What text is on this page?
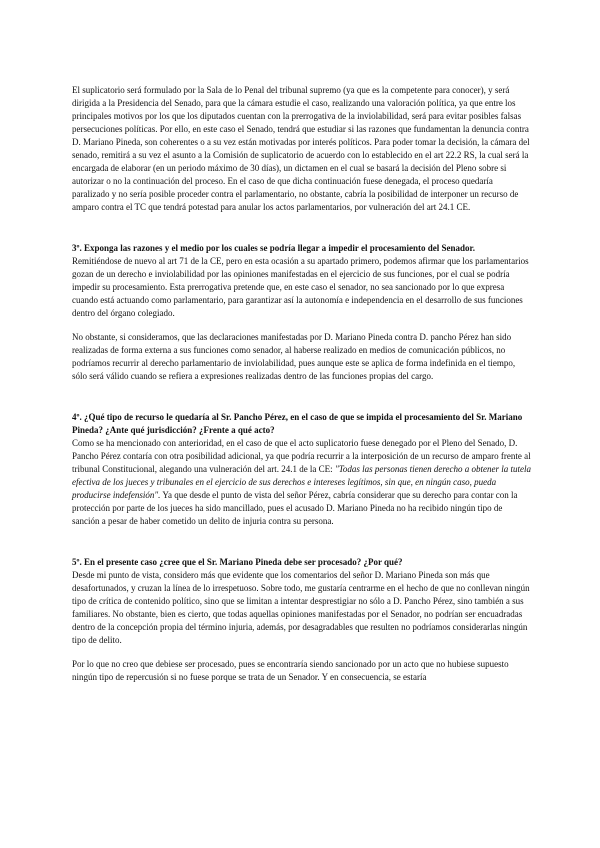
El suplicatorio será formulado por la Sala de lo Penal del tribunal supremo (ya que es la competente para conocer), y será dirigida a la Presidencia del Senado, para que la cámara estudie el caso, realizando una valoración política, ya que entre los principales motivos por los que los diputados cuentan con la prerrogativa de la inviolabilidad, será para evitar posibles falsas persecuciones políticas. Por ello, en este caso el Senado, tendrá que estudiar si las razones que fundamentan la denuncia contra D. Mariano Pineda, son coherentes o a su vez están motivadas por interés políticos. Para poder tomar la decisión, la cámara del senado, remitirá a su vez el asunto a la Comisión de suplicatorio de acuerdo con lo establecido en el art 22.2 RS, la cual será la encargada de elaborar (en un periodo máximo de 30 días), un dictamen en el cual se basará la decisión del Pleno sobre si autorizar o no la continuación del proceso. En el caso de que dicha continuación fuese denegada, el proceso quedaría paralizado y no sería posible proceder contra el parlamentario, no obstante, cabría la posibilidad de interponer un recurso de amparo contra el TC que tendrá potestad para anular los actos parlamentarios, por vulneración del art 24.1 CE.

3º. Exponga las razones y el medio por los cuales se podría llegar a impedir el procesamiento del Senador.

Remitiéndose de nuevo al art 71 de la CE, pero en esta ocasión a su apartado primero, podemos afirmar que los parlamentarios gozan de un derecho e inviolabilidad por las opiniones manifestadas en el ejercicio de sus funciones, por el cual se podría impedir su procesamiento. Esta prerrogativa pretende que, en este caso el senador, no sea sancionado por lo que expresa cuando está actuando como parlamentario, para garantizar así la autonomía e independencia en el desarrollo de sus funciones dentro del órgano colegiado.

No obstante, si consideramos, que las declaraciones manifestadas por D. Mariano Pineda contra D. pancho Pérez han sido realizadas de forma externa a sus funciones como senador, al haberse realizado en medios de comunicación públicos, no podríamos recurrir al derecho parlamentario de inviolabilidad, pues aunque este se aplica de forma indefinida en el tiempo, sólo será válido cuando se refiera a expresiones realizadas dentro de las funciones propias del cargo.

4º. ¿Qué tipo de recurso le quedaría al Sr. Pancho Pérez, en el caso de que se impida el procesamiento del Sr. Mariano Pineda? ¿Ante qué jurisdicción? ¿Frente a qué acto?

Como se ha mencionado con anterioridad, en el caso de que el acto suplicatorio fuese denegado por el Pleno del Senado, D. Pancho Pérez contaría con otra posibilidad adicional, ya que podría recurrir a la interposición de un recurso de amparo frente al tribunal Constitucional, alegando una vulneración del art. 24.1 de la CE: "Todas las personas tienen derecho a obtener la tutela efectiva de los jueces y tribunales en el ejercicio de sus derechos e intereses legítimos, sin que, en ningún caso, pueda producirse indefensión". Ya que desde el punto de vista del señor Pérez, cabría considerar que su derecho para contar con la protección por parte de los jueces ha sido mancillado, pues el acusado D. Mariano Pineda no ha recibido ningún tipo de sanción a pesar de haber cometido un delito de injuria contra su persona.

5º. En el presente caso ¿cree que el Sr. Mariano Pineda debe ser procesado? ¿Por qué?

Desde mi punto de vista, considero más que evidente que los comentarios del señor D. Mariano Pineda son más que desafortunados, y cruzan la línea de lo irrespetuoso. Sobre todo, me gustaría centrarme en el hecho de que no conllevan ningún tipo de crítica de contenido político, sino que se limitan a intentar desprestigiar no sólo a D. Pancho Pérez, sino también a sus familiares. No obstante, bien es cierto, que todas aquellas opiniones manifestadas por el Senador, no podrían ser encuadradas dentro de la concepción propia del término injuria, además, por desagradables que resulten no podríamos considerarlas ningún tipo de delito.

Por lo que no creo que debiese ser procesado, pues se encontraría siendo sancionado por un acto que no hubiese supuesto ningún tipo de repercusión si no fuese porque se trata de un Senador. Y en consecuencia, se estaría
